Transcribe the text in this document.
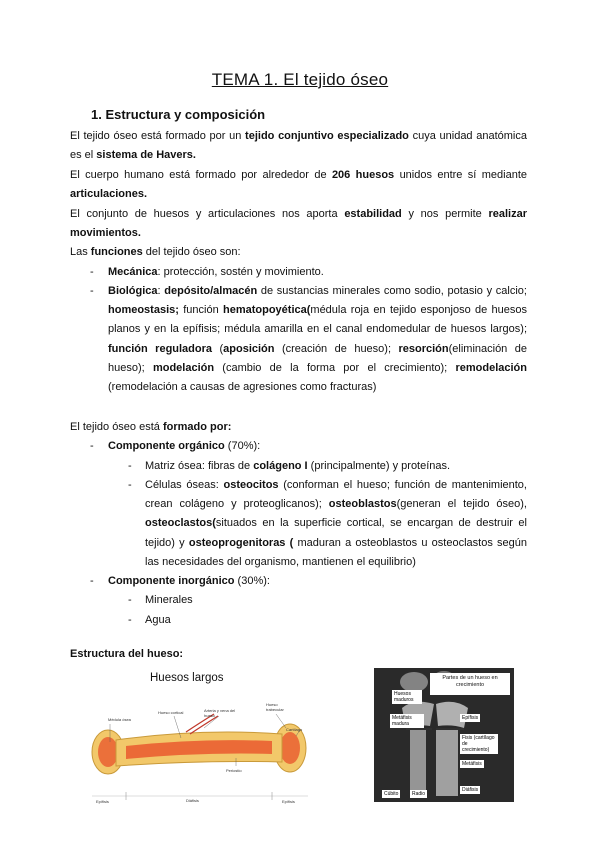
TEMA 1. El tejido óseo
1. Estructura y composición
El tejido óseo está formado por un tejido conjuntivo especializado cuya unidad anatómica
es el sistema de Havers.
El cuerpo humano está formado por alrededor de 206 huesos unidos entre sí mediante
articulaciones.
El conjunto de huesos y articulaciones nos aporta estabilidad y nos permite realizar
movimientos.
Las funciones del tejido óseo son:
- Mecánica: protección, sostén y movimiento.
- Biológica: depósito/almacén de sustancias minerales como sodio, potasio y calcio;
homeostasis; función hematopoyética(médula roja en tejido esponjoso de huesos
planos y en la epífisis; médula amarilla en el canal endomedular de huesos largos);
función reguladora (aposición (creación de hueso); resorción(eliminación de
hueso); modelación (cambio de la forma por el crecimiento); remodelación
(remodelación a causas de agresiones como fracturas)
El tejido óseo está formado por:
- Componente orgánico (70%):
- Matriz ósea: fibras de colágeno I (principalmente) y proteínas.
- Células óseas: osteocitos (conforman el hueso; función de mantenimiento,
crean colágeno y proteoglicanos); osteoblastos(generan el tejido óseo),
osteoclastos(situados en la superficie cortical, se encargan de destruir el
tejido) y osteoprogenitoras ( maduran a osteoblastos u osteoclastos según
las necesidades del organismo, mantienen el equilibrio)
- Componente inorgánico (30%):
- Minerales
- Agua
Estructura del hueso:
Huesos largos
Médula ósea
Hueso cortical	Arteria y vena del hueso
Hueso trabecular
Cartílago
Periostio
Epífisis	Diáfisis	Epífisis
Partes de un hueso en crecimiento
Huesos maduros
Metáfisis madura
Epífisis
Fisis (cartílago de crecimiento)
Metáfisis
Diáfisis
Cúbito	Radio
